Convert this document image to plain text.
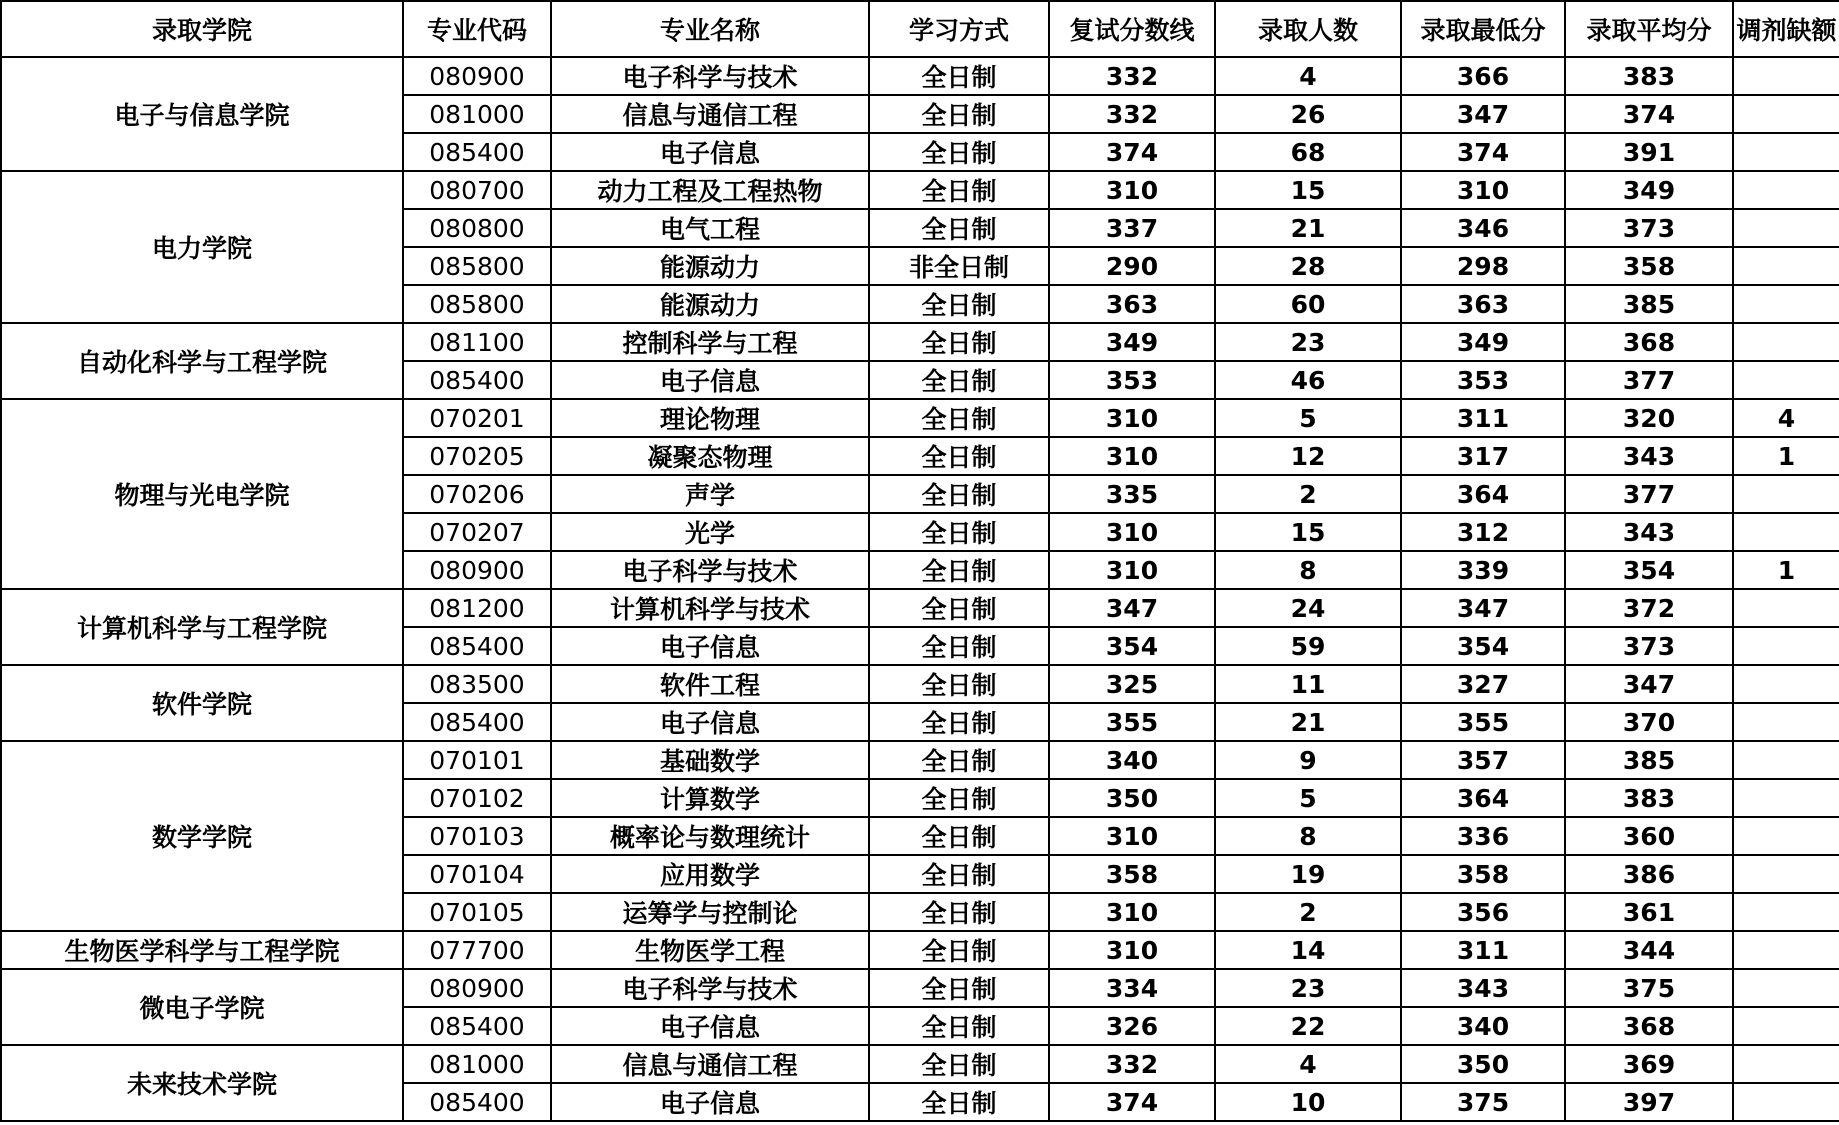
录取学院	专业代码	专业名称	学习方式	复试分数线	录取人数	录取最低分	录取平均分	调剂缺额
电子与信息学院	080900	电子科学与技术	全日制	332	4	366	383	
	081000	信息与通信工程	全日制	332	26	347	374	
	085400	电子信息	全日制	374	68	374	391	
电力学院	080700	动力工程及工程热物	全日制	310	15	310	349	
	080800	电气工程	全日制	337	21	346	373	
	085800	能源动力	非全日制	290	28	298	358	
	085800	能源动力	全日制	363	60	363	385	
自动化科学与工程学院	081100	控制科学与工程	全日制	349	23	349	368	
	085400	电子信息	全日制	353	46	353	377	
物理与光电学院	070201	理论物理	全日制	310	5	311	320	4
	070205	凝聚态物理	全日制	310	12	317	343	1
	070206	声学	全日制	335	2	364	377	
	070207	光学	全日制	310	15	312	343	
	080900	电子科学与技术	全日制	310	8	339	354	1
计算机科学与工程学院	081200	计算机科学与技术	全日制	347	24	347	372	
	085400	电子信息	全日制	354	59	354	373	
软件学院	083500	软件工程	全日制	325	11	327	347	
	085400	电子信息	全日制	355	21	355	370	
数学学院	070101	基础数学	全日制	340	9	357	385	
	070102	计算数学	全日制	350	5	364	383	
	070103	概率论与数理统计	全日制	310	8	336	360	
	070104	应用数学	全日制	358	19	358	386	
	070105	运筹学与控制论	全日制	310	2	356	361	
生物医学科学与工程学院	077700	生物医学工程	全日制	310	14	311	344	
微电子学院	080900	电子科学与技术	全日制	334	23	343	375	
	085400	电子信息	全日制	326	22	340	368	
未来技术学院	081000	信息与通信工程	全日制	332	4	350	369	
	085400	电子信息	全日制	374	10	375	397	
